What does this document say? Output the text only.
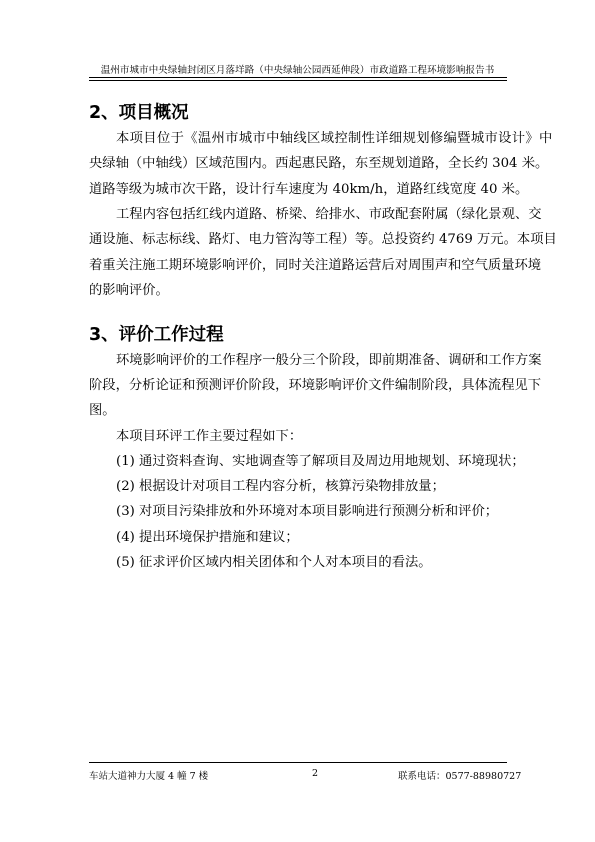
温州市城市中央绿轴封闭区月落垟路（中央绿轴公园西延伸段）市政道路工程环境影响报告书
2、项目概况
本项目位于《温州市城市中轴线区域控制性详细规划修编暨城市设计》中
央绿轴（中轴线）区域范围内。西起惠民路，东至规划道路，全长约 304 米。
道路等级为城市次干路，设计行车速度为 40km/h，道路红线宽度 40 米。
工程内容包括红线内道路、桥梁、给排水、市政配套附属（绿化景观、交
通设施、标志标线、路灯、电力管沟等工程）等。总投资约 4769 万元。本项目
着重关注施工期环境影响评价，同时关注道路运营后对周围声和空气质量环境
的影响评价。
3、评价工作过程
环境影响评价的工作程序一般分三个阶段，即前期准备、调研和工作方案
阶段，分析论证和预测评价阶段，环境影响评价文件编制阶段，具体流程见下
图。
本项目环评工作主要过程如下：
(1) 通过资料查询、实地调查等了解项目及周边用地规划、环境现状；
(2) 根据设计对项目工程内容分析，核算污染物排放量；
(3) 对项目污染排放和外环境对本项目影响进行预测分析和评价；
(4) 提出环境保护措施和建议；
(5) 征求评价区域内相关团体和个人对本项目的看法。
车站大道神力大厦 4 幢 7 楼	2	联系电话：0577-88980727
